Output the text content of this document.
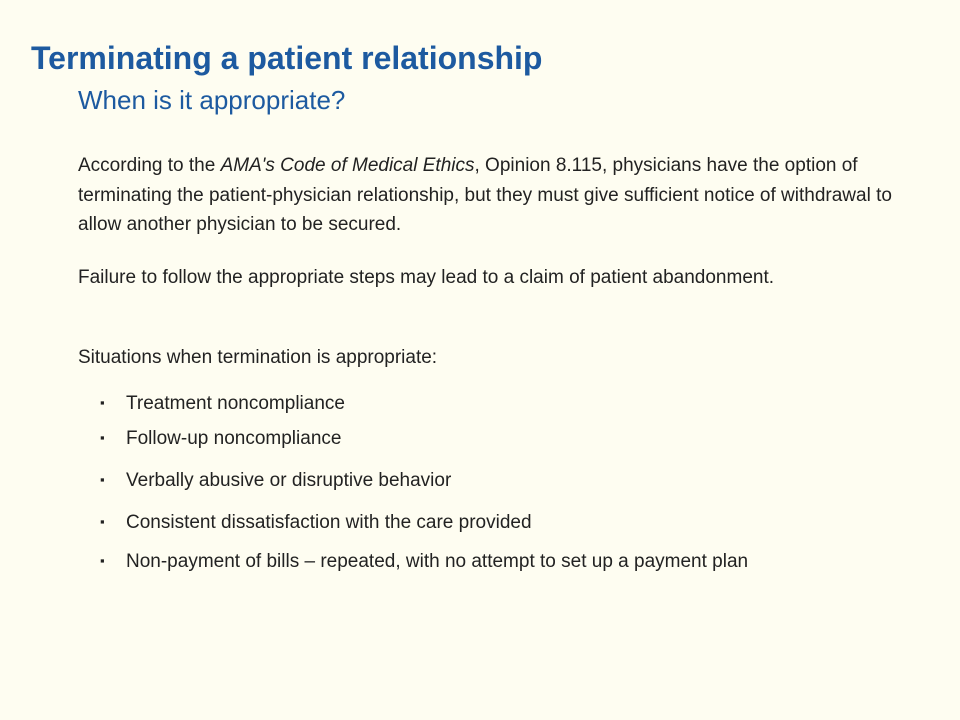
Terminating a patient relationship
When is it appropriate?

According to the AMA's Code of Medical Ethics, Opinion 8.115, physicians have the option of terminating the patient-physician relationship, but they must give sufficient notice of withdrawal to allow another physician to be secured.

Failure to follow the appropriate steps may lead to a claim of patient abandonment.

Situations when termination is appropriate:

▪ Treatment noncompliance
▪ Follow-up noncompliance
▪ Verbally abusive or disruptive behavior
▪ Consistent dissatisfaction with the care provided
▪ Non-payment of bills – repeated, with no attempt to set up a payment plan
